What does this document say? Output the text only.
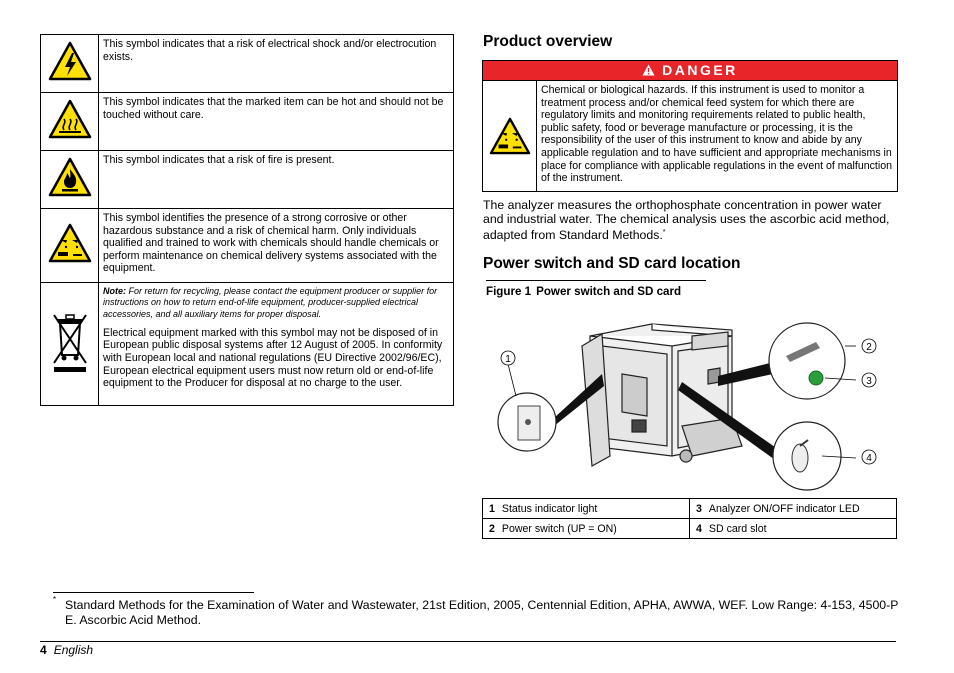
This symbol indicates that a risk of electrical shock and/or electrocution exists.

This symbol indicates that the marked item can be hot and should not be touched without care.

This symbol indicates that a risk of fire is present.

This symbol identifies the presence of a strong corrosive or other hazardous substance and a risk of chemical harm. Only individuals qualified and trained to work with chemicals should handle chemicals or perform maintenance on chemical delivery systems associated with the equipment.

Note: For return for recycling, please contact the equipment producer or supplier for instructions on how to return end-of-life equipment, producer-supplied electrical accessories, and all auxiliary items for proper disposal.

Electrical equipment marked with this symbol may not be disposed of in European public disposal systems after 12 August of 2005. In conformity with European local and national regulations (EU Directive 2002/96/EC), European electrical equipment users must now return old or end-of-life equipment to the Producer for disposal at no charge to the user.

Product overview
DANGER
Chemical or biological hazards. If this instrument is used to monitor a treatment process and/or chemical feed system for which there are regulatory limits and monitoring requirements related to public health, public safety, food or beverage manufacture or processing, it is the responsibility of the user of this instrument to know and abide by any applicable regulation and to have sufficient and appropriate mechanisms in place for compliance with applicable regulations in the event of malfunction of the instrument.

The analyzer measures the orthophosphate concentration in power water and industrial water. The chemical analysis uses the ascorbic acid method, adapted from Standard Methods.*

Power switch and SD card location
Figure 1 Power switch and SD card
1
2
3
4
1 Status indicator light	3 Analyzer ON/OFF indicator LED
2 Power switch (UP = ON)	4 SD card slot
* Standard Methods for the Examination of Water and Wastewater, 21st Edition, 2005, Centennial Edition, APHA, AWWA, WEF. Low Range: 4-153, 4500-P E. Ascorbic Acid Method.

4 English
